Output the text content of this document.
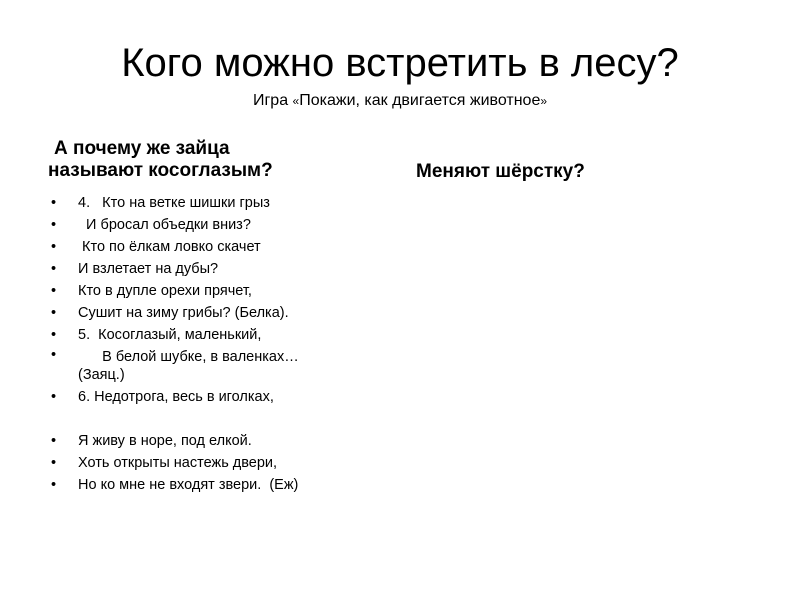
Кого можно встретить в лесу?

Игра «Покажи, как двигается животное»

А почему же зайца
называют косоглазым?
• 4.   Кто на ветке шишки грыз
• И бросал объедки вниз?
• Кто по ёлкам ловко скачет
• И взлетает на дубы?
• Кто в дупле орехи прячет,
• Сушит на зиму грибы? (Белка).
• 5.  Косоглазый, маленький,
• В белой шубке, в валенках…
(Заяц.)
• 6. Недотрога, весь в иголках,
• Я живу в норе, под елкой.
• Хоть открыты настежь двери,
• Но ко мне не входят звери.  (Еж)
Меняют шёрстку?
